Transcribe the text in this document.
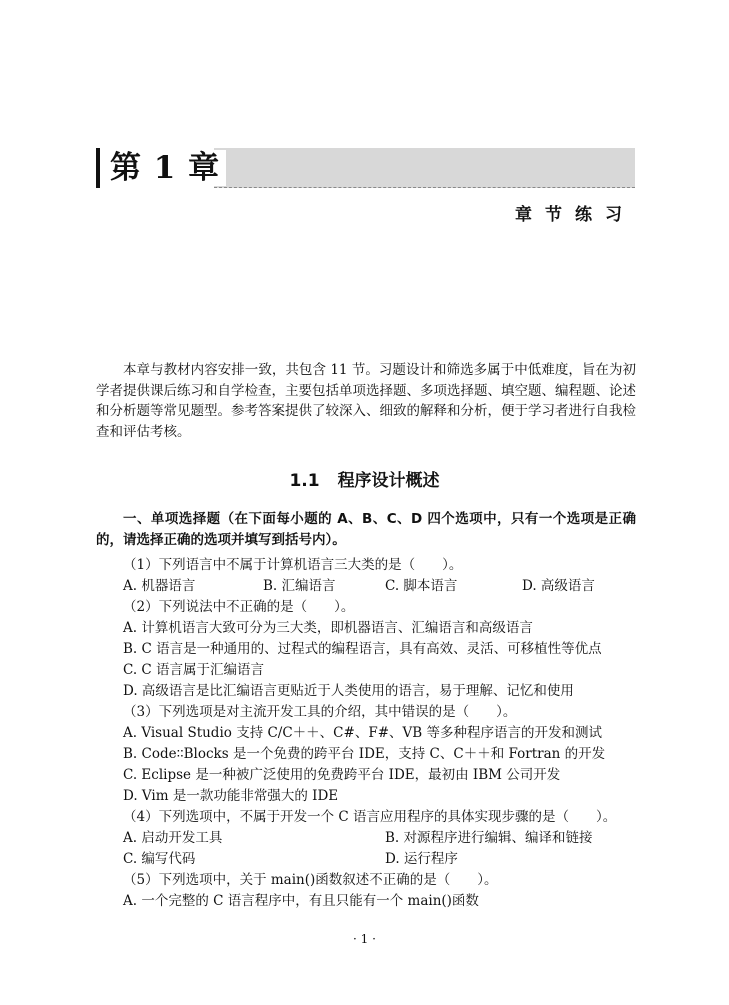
第 1 章
章节练习
本章与教材内容安排一致，共包含 11 节。习题设计和筛选多属于中低难度，旨在为初学者提供课后练习和自学检查，主要包括单项选择题、多项选择题、填空题、编程题、论述和分析题等常见题型。参考答案提供了较深入、细致的解释和分析，便于学习者进行自我检查和评估考核。
1.1 程序设计概述
一、单项选择题（在下面每小题的 A、B、C、D 四个选项中，只有一个选项是正确的，请选择正确的选项并填写到括号内）。
（1）下列语言中不属于计算机语言三大类的是（　　）。
A. 机器语言	B. 汇编语言	C. 脚本语言	D. 高级语言
（2）下列说法中不正确的是（　　）。
A. 计算机语言大致可分为三大类，即机器语言、汇编语言和高级语言
B. C 语言是一种通用的、过程式的编程语言，具有高效、灵活、可移植性等优点
C. C 语言属于汇编语言
D. 高级语言是比汇编语言更贴近于人类使用的语言，易于理解、记忆和使用
（3）下列选项是对主流开发工具的介绍，其中错误的是（　　）。
A. Visual Studio 支持 C/C＋＋、C#、F#、VB 等多种程序语言的开发和测试
B. Code∶∶Blocks 是一个免费的跨平台 IDE，支持 C、C＋＋和 Fortran 的开发
C. Eclipse 是一种被广泛使用的免费跨平台 IDE，最初由 IBM 公司开发
D. Vim 是一款功能非常强大的 IDE
（4）下列选项中，不属于开发一个 C 语言应用程序的具体实现步骤的是（　　）。
A. 启动开发工具	B. 对源程序进行编辑、编译和链接
C. 编写代码	D. 运行程序
（5）下列选项中，关于 main()函数叙述不正确的是（　　）。
A. 一个完整的 C 语言程序中，有且只能有一个 main()函数
· 1 ·
